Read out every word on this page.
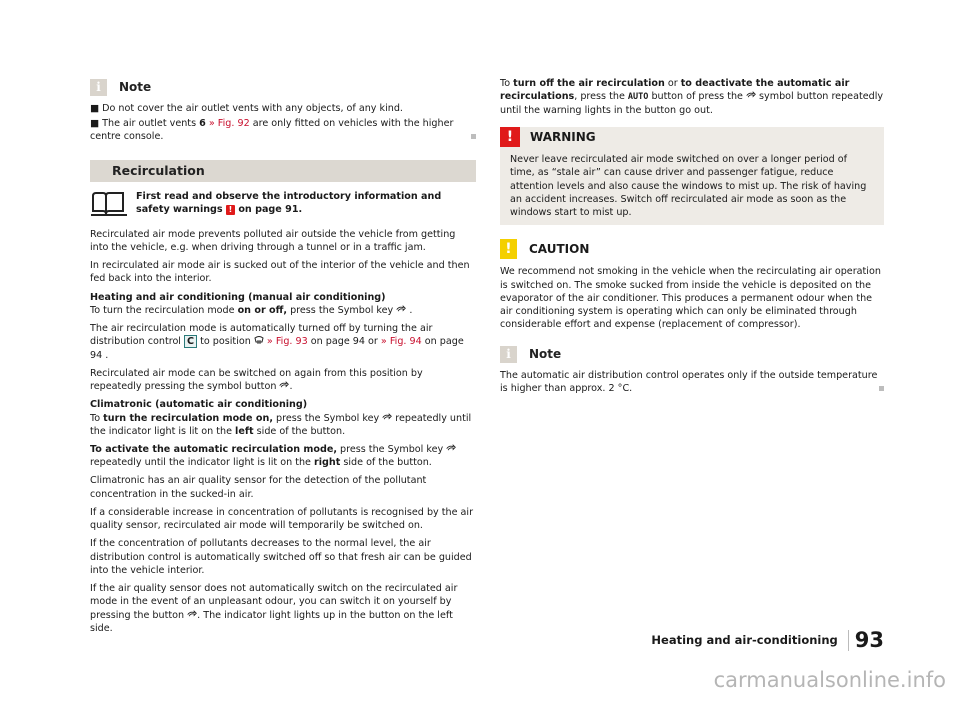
i	Note

■ Do not cover the air outlet vents with any objects, of any kind.

■ The air outlet vents 6 » Fig. 92 are only fitted on vehicles with the higher centre console.

Recirculation
First read and observe the introductory information and safety warnings ! on page 91.

Recirculated air mode prevents polluted air outside the vehicle from getting into the vehicle, e.g. when driving through a tunnel or in a traffic jam.

In recirculated air mode air is sucked out of the interior of the vehicle and then fed back into the interior.

Heating and air conditioning (manual air conditioning)

To turn the recirculation mode on or off, press the Symbol key  .

The air recirculation mode is automatically turned off by turning the air distribution control C to position  » Fig. 93 on page 94 or » Fig. 94 on page 94 .

Recirculated air mode can be switched on again from this position by repeatedly pressing the symbol button .

Climatronic (automatic air conditioning)

To turn the recirculation mode on, press the Symbol key  repeatedly until the indicator light is lit on the left side of the button.

To activate the automatic recirculation mode, press the Symbol key  repeatedly until the indicator light is lit on the right side of the button.

Climatronic has an air quality sensor for the detection of the pollutant concentration in the sucked-in air.

If a considerable increase in concentration of pollutants is recognised by the air quality sensor, recirculated air mode will temporarily be switched on.

If the concentration of pollutants decreases to the normal level, the air distribution control is automatically switched off so that fresh air can be guided into the vehicle interior.

If the air quality sensor does not automatically switch on the recirculated air mode in the event of an unpleasant odour, you can switch it on yourself by pressing the button . The indicator light lights up in the button on the left side.

To turn off the air recirculation or to deactivate the automatic air recirculations, press the AUTO button of press the  symbol button repeatedly until the warning lights in the button go out.

!	WARNING

Never leave recirculated air mode switched on over a longer period of time, as “stale air” can cause driver and passenger fatigue, reduce attention levels and also cause the windows to mist up. The risk of having an accident increases. Switch off recirculated air mode as soon as the windows start to mist up.

!	CAUTION

We recommend not smoking in the vehicle when the recirculating air operation is switched on. The smoke sucked from inside the vehicle is deposited on the evaporator of the air conditioner. This produces a permanent odour when the air conditioning system is operating which can only be eliminated through considerable effort and expense (replacement of compressor).

i	Note

The automatic air distribution control operates only if the outside temperature is higher than approx. 2 °C.

Heating and air-conditioning 93
carmanualsonline.info
